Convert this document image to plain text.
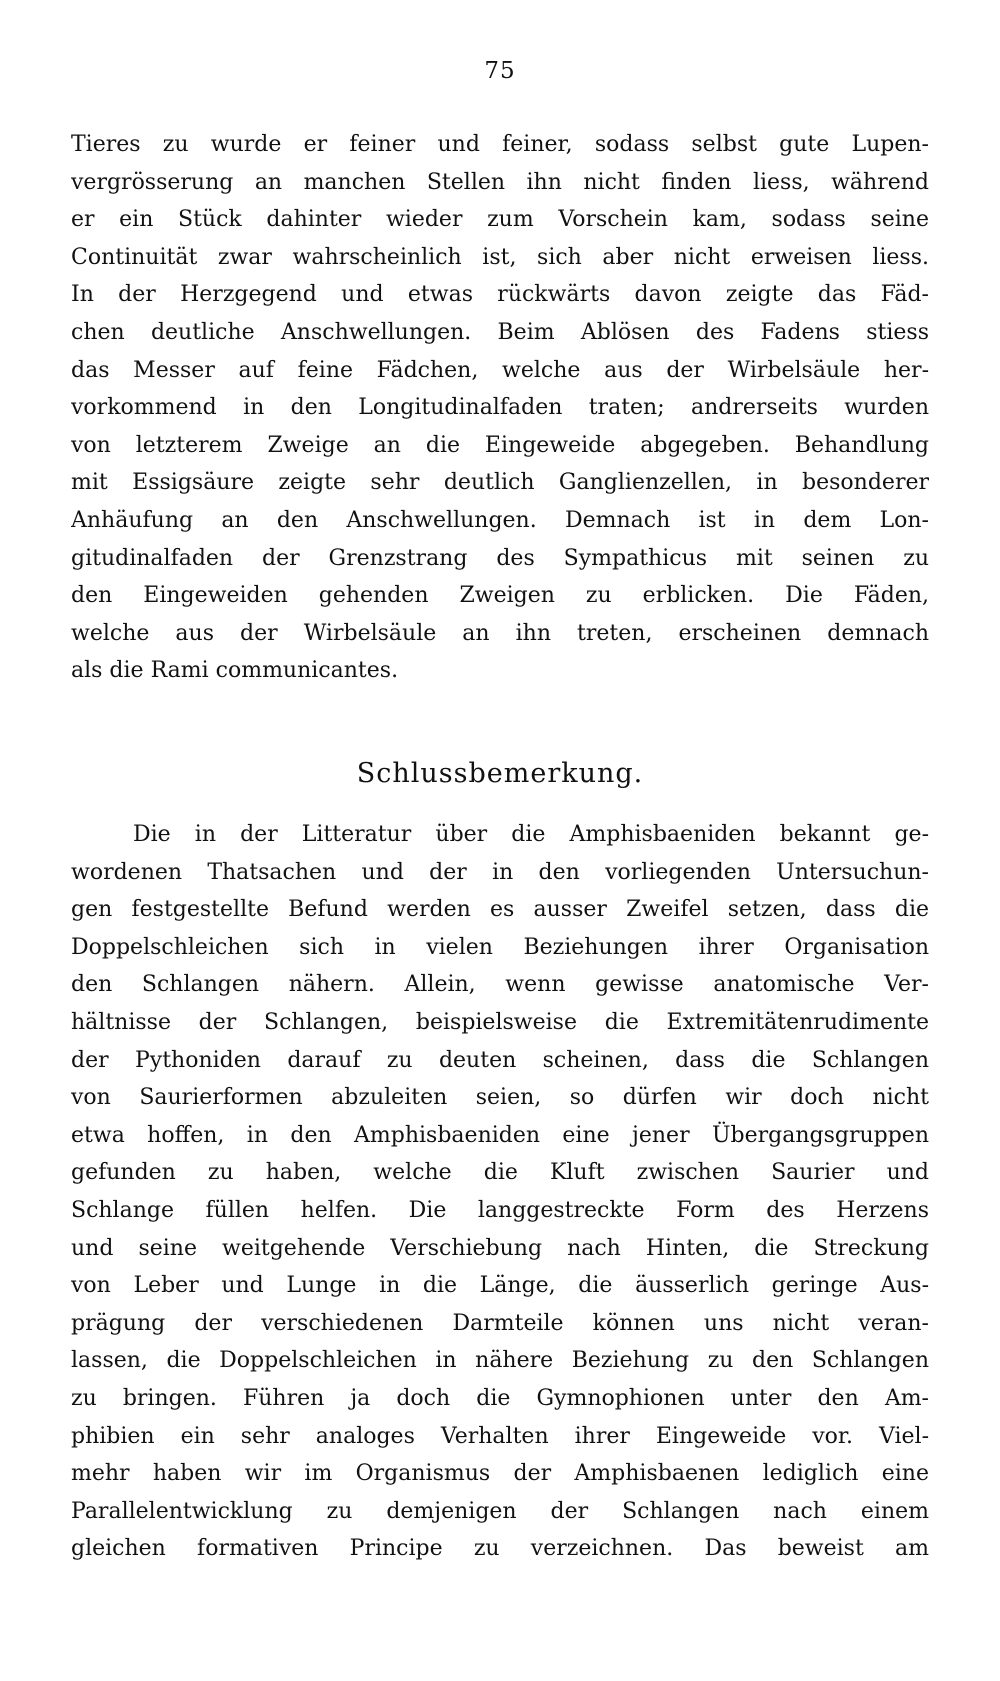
75
Tieres zu wurde er feiner und feiner, sodass selbst gute Lupen-
vergrösserung an manchen Stellen ihn nicht finden liess, während
er ein Stück dahinter wieder zum Vorschein kam, sodass seine
Continuität zwar wahrscheinlich ist, sich aber nicht erweisen liess.
In der Herzgegend und etwas rückwärts davon zeigte das Fäd-
chen deutliche Anschwellungen. Beim Ablösen des Fadens stiess
das Messer auf feine Fädchen, welche aus der Wirbelsäule her-
vorkommend in den Longitudinalfaden traten; andrerseits wurden
von letzterem Zweige an die Eingeweide abgegeben. Behandlung
mit Essigsäure zeigte sehr deutlich Ganglienzellen, in besonderer
Anhäufung an den Anschwellungen. Demnach ist in dem Lon-
gitudinalfaden der Grenzstrang des Sympathicus mit seinen zu
den Eingeweiden gehenden Zweigen zu erblicken. Die Fäden,
welche aus der Wirbelsäule an ihn treten, erscheinen demnach
als die Rami communicantes.
Schlussbemerkung.
Die in der Litteratur über die Amphisbaeniden bekannt ge-
wordenen Thatsachen und der in den vorliegenden Untersuchun-
gen festgestellte Befund werden es ausser Zweifel setzen, dass die
Doppelschleichen sich in vielen Beziehungen ihrer Organisation
den Schlangen nähern. Allein, wenn gewisse anatomische Ver-
hältnisse der Schlangen, beispielsweise die Extremitätenrudimente
der Pythoniden darauf zu deuten scheinen, dass die Schlangen
von Saurierformen abzuleiten seien, so dürfen wir doch nicht
etwa hoffen, in den Amphisbaeniden eine jener Übergangsgruppen
gefunden zu haben, welche die Kluft zwischen Saurier und
Schlange füllen helfen. Die langgestreckte Form des Herzens
und seine weitgehende Verschiebung nach Hinten, die Streckung
von Leber und Lunge in die Länge, die äusserlich geringe Aus-
prägung der verschiedenen Darmteile können uns nicht veran-
lassen, die Doppelschleichen in nähere Beziehung zu den Schlangen
zu bringen. Führen ja doch die Gymnophionen unter den Am-
phibien ein sehr analoges Verhalten ihrer Eingeweide vor. Viel-
mehr haben wir im Organismus der Amphisbaenen lediglich eine
Parallelentwicklung zu demjenigen der Schlangen nach einem
gleichen formativen Principe zu verzeichnen. Das beweist am
